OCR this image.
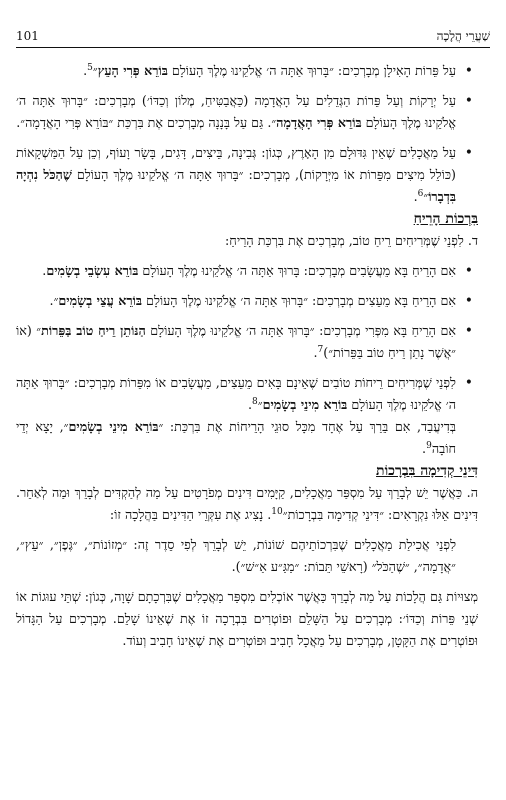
101	שַׁעֲרֵי הֲלָכָה

• עַל פֵּרוֹת הָאִילָן מְבָרְכִים: ״בָּרוּךְ אַתָּה ה׳ אֱלֹקֵינוּ מֶלֶךְ הָעוֹלָם בּוֹרֵא פְּרִי הָעֵץ״$^5$.

• עַל יְרָקוֹת וְעַל פֵּרוֹת הַגְּדֵלִים עַל הָאֲדָמָה (כַּאֲבַטִּיחַ, מֶלוֹן וְכַדּוֹ׳) מְבָרְכִים: ״בָּרוּךְ אַתָּה ה׳ אֱלֹקֵינוּ מֶלֶךְ הָעוֹלָם בּוֹרֵא פְּרִי הָאֲדָמָה״. גַּם עַל בָּנָנָה מְבָרְכִים אֶת בִּרְכַּת ״בּוֹרֵא פְּרִי הָאֲדָמָה״.

• עַל מַאֲכָלִים שֶׁאֵין גִּדּוּלָם מִן הָאָרֶץ, כְּגוֹן: גְּבִינָה, בֵּיצִים, דָּגִים, בָּשָׂר וָעוֹף, וְכֵן עַל הַמַּשְׁקָאוֹת (כּוֹלֵל מִיצִים מִפֵּרוֹת אוֹ מִיְּרָקוֹת), מְבָרְכִים: ״בָּרוּךְ אַתָּה ה׳ אֱלֹקֵינוּ מֶלֶךְ הָעוֹלָם שֶׁהַכֹּל נִהְיָה בִּדְבָרוֹ״$^6$.

בִּרְכוֹת הָרֵיחַ

ד. לִפְנֵי שֶׁמְּרִיחִים רֵיחַ טוֹב, מְבָרְכִים אֶת בִּרְכַּת הָרֵיחַ:

• אִם הָרֵיחַ בָּא מֵעֲשָׂבִים מְבָרְכִים: בָּרוּךְ אַתָּה ה׳ אֱלֹקֵינוּ מֶלֶךְ הָעוֹלָם בּוֹרֵא עִשְׂבֵי בְשָׂמִים.

• אִם הָרֵיחַ בָּא מֵעֵצִים מְבָרְכִים: ״בָּרוּךְ אַתָּה ה׳ אֱלֹקֵינוּ מֶלֶךְ הָעוֹלָם בּוֹרֵא עֲצֵי בְשָׂמִים״.

• אִם הָרֵיחַ בָּא מִפְּרִי מְבָרְכִים: ״בָּרוּךְ אַתָּה ה׳ אֱלֹקֵינוּ מֶלֶךְ הָעוֹלָם הַנּוֹתֵן רֵיחַ טוֹב בַּפֵּרוֹת״ (אוֹ ״אֲשֶׁר נָתַן רֵיחַ טוֹב בַּפֵּרוֹת״)$^7$.

• לִפְנֵי שֶׁמְּרִיחִים רֵיחוֹת טוֹבִים שֶׁאֵינָם בָּאִים מֵעֵצִים, מֵעֲשָׂבִים אוֹ מִפֵּרוֹת מְבָרְכִים: ״בָּרוּךְ אַתָּה ה׳ אֱלֹקֵינוּ מֶלֶךְ הָעוֹלָם בּוֹרֵא מִינֵי בְשָׂמִים״$^8$.

בְּדִיעֲבַד, אִם בֵּרַךְ עַל אֶחָד מִכָּל סוּגֵי הָרֵיחוֹת אֶת בִּרְכַּת: ״בּוֹרֵא מִינֵי בְשָׂמִים״, יָצָא יְדֵי חוֹבָה$^9$.

דִּינֵי קְדִימָה בִּבְרָכוֹת

ה. כַּאֲשֶׁר יֵשׁ לְבָרֵךְ עַל מִסְפַּר מַאֲכָלִים, קַיָּמִים דִּינִים מְפֹרָטִים עַל מַה לְהַקְדִּים לְבָרֵךְ וּמַה לְאַחֵר. דִּינִים אֵלּוּ נִקְרָאִים: ״דִּינֵי קְדִימָה בִּבְרָכוֹת״$^{10}$. נָצִיג אֶת עִקְּרֵי הַדִּינִים בַּהֲלָכָה זוֹ:

לִפְנֵי אֲכִילַת מַאֲכָלִים שֶׁבִּרְכוֹתֵיהֶם שׁוֹנוֹת, יֵשׁ לְבָרֵךְ לְפִי סֵדֶר זֶה: ״מְזוֹנוֹת״, ״גֶּפֶן״, ״עֵץ״, ״אֲדָמָה״, ״שֶׁהַכֹּל״ (רָאשֵׁי תֵּבוֹת: ״מַגַּ״ע אַ״שׁ״).

מְצוּיוֹת גַּם הֲלָכוֹת עַל מַה לְבָרֵךְ כַּאֲשֶׁר אוֹכְלִים מִסְפַּר מַאֲכָלִים שֶׁבִּרְכָתָם שָׁוָה, כְּגוֹן: שְׁתֵּי עוּגוֹת אוֹ שְׁנֵי פֵּרוֹת וְכַדּוֹ׳: מְבָרְכִים עַל הַשָּׁלֵם וּפוֹטְרִים בִּבְרָכָה זוֹ אֶת שֶׁאֵינוֹ שָׁלֵם. מְבָרְכִים עַל הַגָּדוֹל וּפוֹטְרִים אֶת הַקָּטָן, מְבָרְכִים עַל מַאֲכָל חָבִיב וּפוֹטְרִים אֶת שֶׁאֵינוֹ חָבִיב וְעוֹד.
